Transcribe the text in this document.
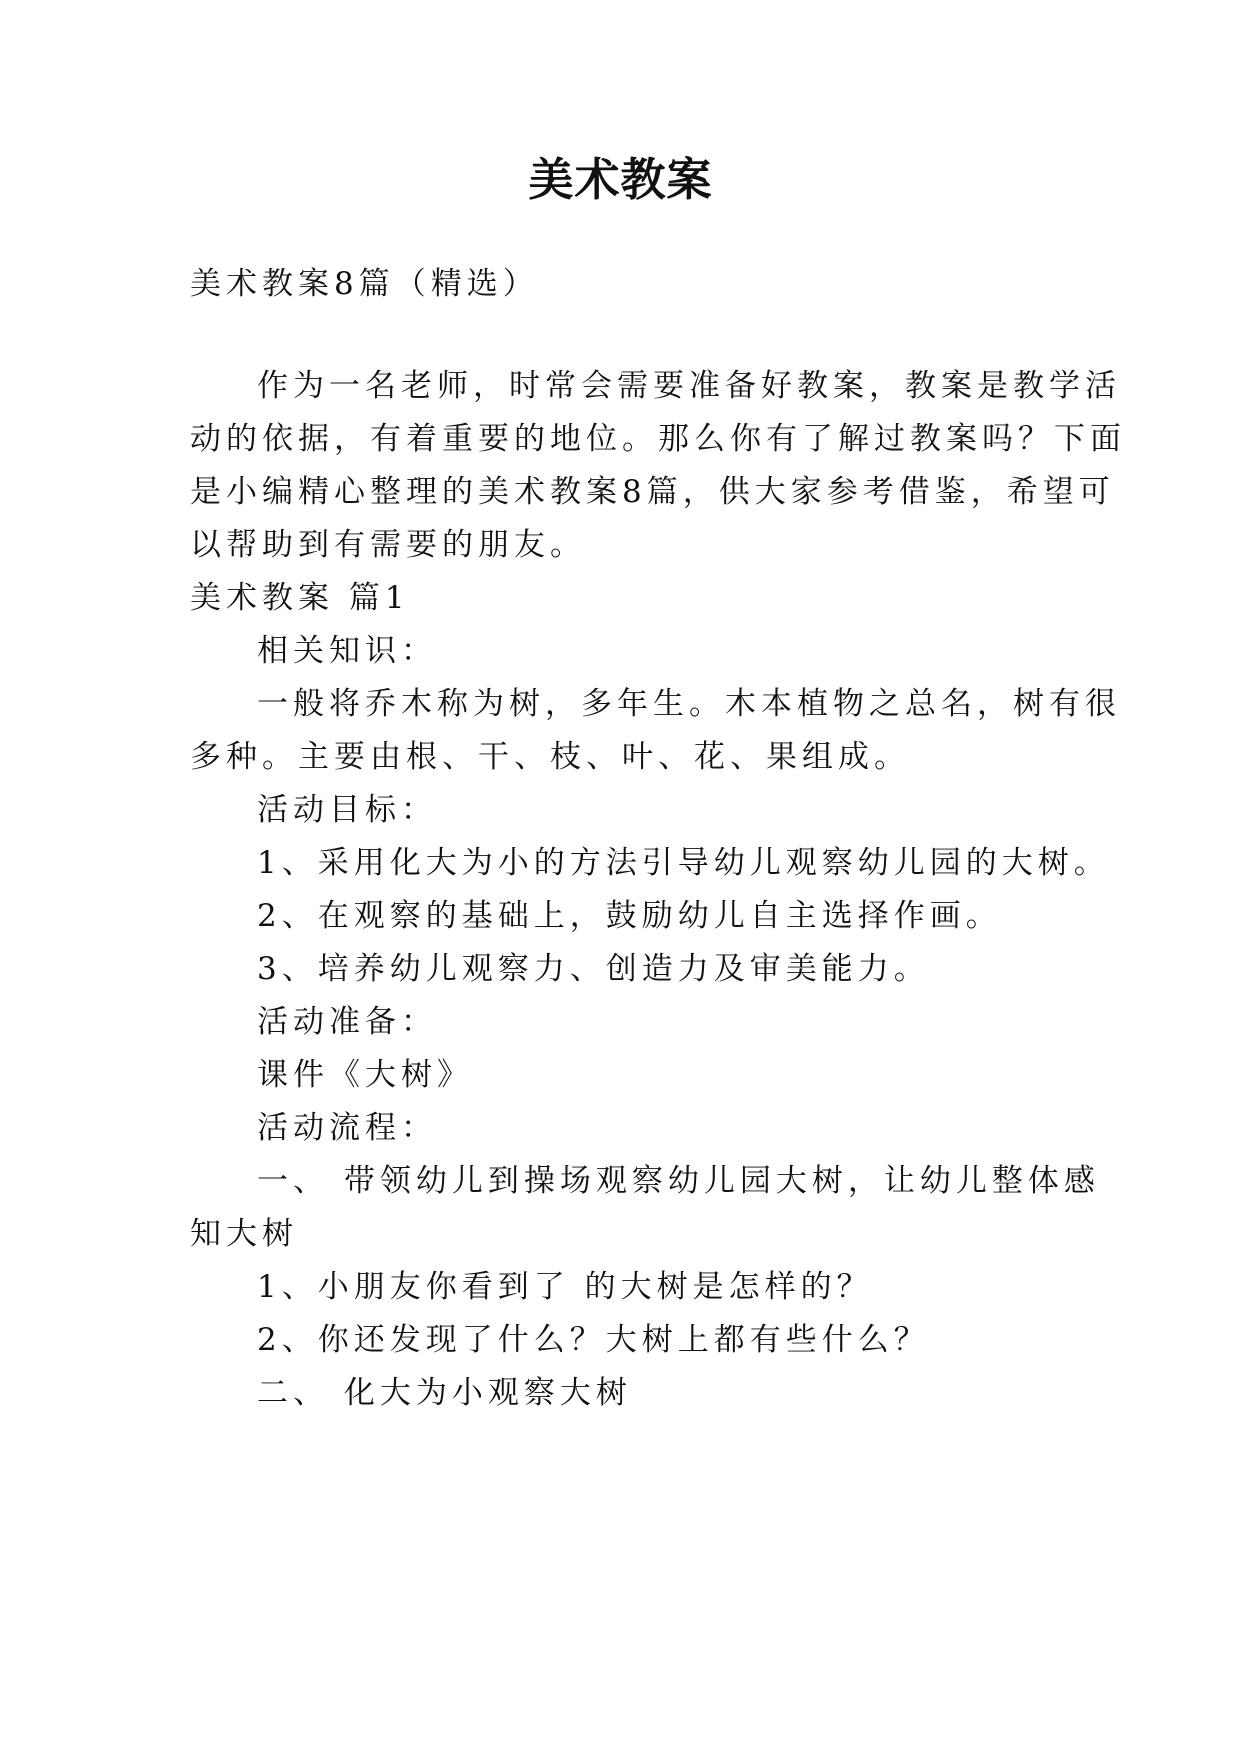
美术教案

美术教案8篇（精选）

作为一名老师，时常会需要准备好教案，教案是教学活

动的依据，有着重要的地位。那么你有了解过教案吗？下面

是小编精心整理的美术教案8篇，供大家参考借鉴，希望可

以帮助到有需要的朋友。

美术教案 篇1

相关知识：

一般将乔木称为树，多年生。木本植物之总名，树有很

多种。主要由根、干、枝、叶、花、果组成。

活动目标：

1、采用化大为小的方法引导幼儿观察幼儿园的大树。

2、在观察的基础上，鼓励幼儿自主选择作画。

3、培养幼儿观察力、创造力及审美能力。

活动准备：

课件《大树》

活动流程：

一、 带领幼儿到操场观察幼儿园大树，让幼儿整体感

知大树

1、小朋友你看到了 的大树是怎样的？

2、你还发现了什么？大树上都有些什么？

二、 化大为小观察大树
